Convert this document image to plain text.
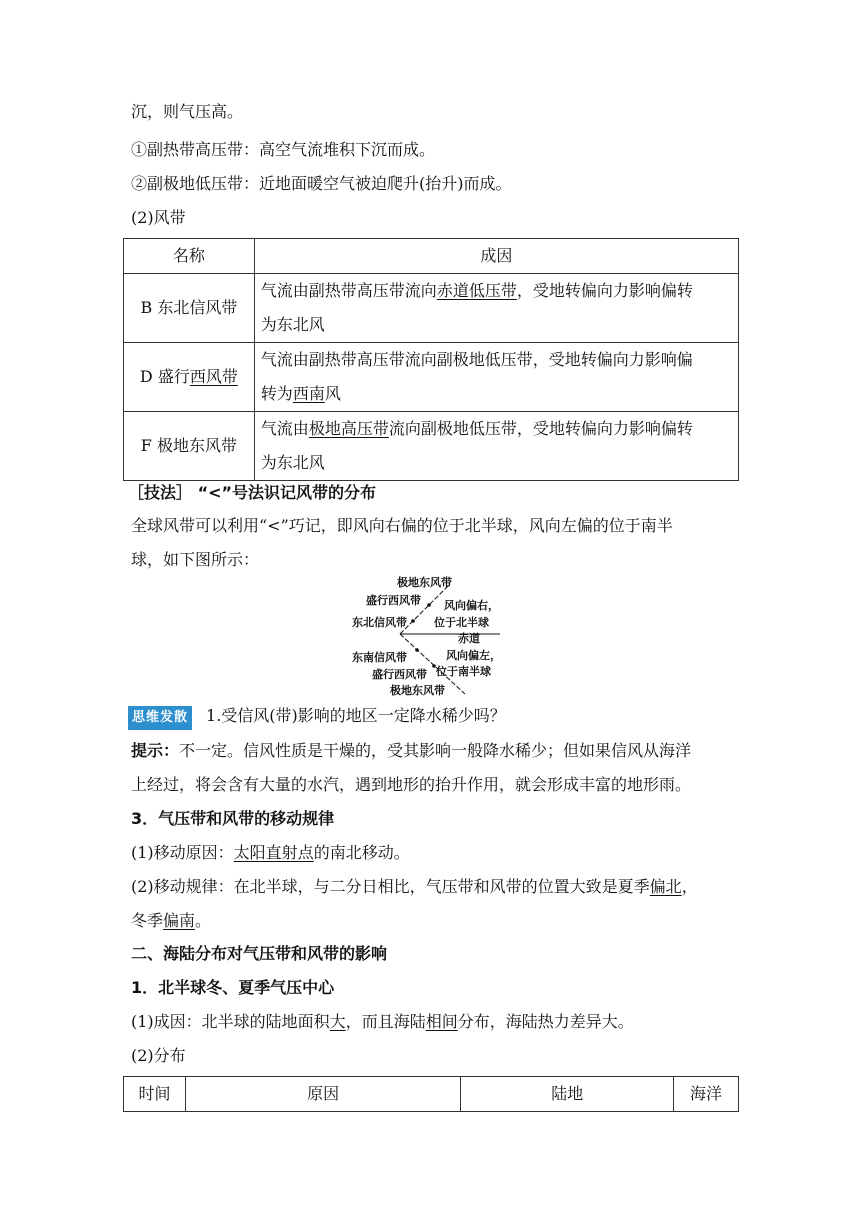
沉，则气压高。
①副热带高压带：高空气流堆积下沉而成。
②副极地低压带：近地面暖空气被迫爬升(抬升)而成。
(2)风带
名称	成因
B 东北信风带	气流由副热带高压带流向赤道低压带，受地转偏向力影响偏转
为东北风
D 盛行西风带	气流由副热带高压带流向副极地低压带，受地转偏向力影响偏
转为西南风
F 极地东风带	气流由极地高压带流向副极地低压带，受地转偏向力影响偏转
为东北风
［技法］ “<”号法识记风带的分布
全球风带可以利用“<”巧记，即风向右偏的位于北半球，风向左偏的位于南半
球，如下图所示：
极地东风带
盛行西风带
东北信风带
风向偏右，
位于北半球
赤道
东南信风带	风向偏左，
位于南半球
盛行西风带
极地东风带
思维发散 1.受信风(带)影响的地区一定降水稀少吗？
提示：不一定。信风性质是干燥的，受其影响一般降水稀少；但如果信风从海洋
上经过，将会含有大量的水汽，遇到地形的抬升作用，就会形成丰富的地形雨。
3．气压带和风带的移动规律
(1)移动原因：太阳直射点的南北移动。
(2)移动规律：在北半球，与二分日相比，气压带和风带的位置大致是夏季偏北，
冬季偏南。
二、海陆分布对气压带和风带的影响
1．北半球冬、夏季气压中心
(1)成因：北半球的陆地面积大，而且海陆相间分布，海陆热力差异大。
(2)分布
时间	原因	陆地	海洋
